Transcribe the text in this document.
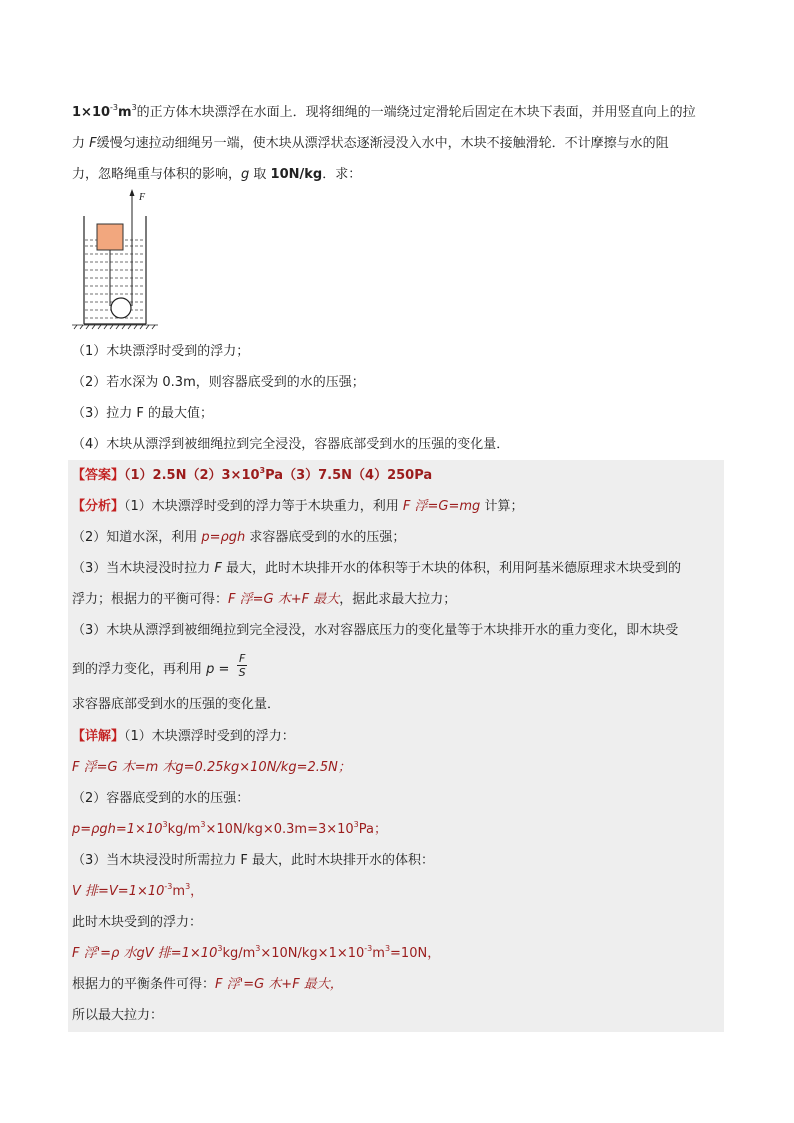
$1\times 10^{-3}m^3$的正方体木块漂浮在水面上．现将细绳的一端绕过定滑轮后固定在木块下表面，并用竖直向上的拉
力 F缓慢匀速拉动细绳另一端，使木块从漂浮状态逐渐浸没入水中，木块不接触滑轮．不计摩擦与水的阻
力，忽略绳重与体积的影响，g 取 10N/kg．求：
F
（1）木块漂浮时受到的浮力；
（2）若水深为 0.3m，则容器底受到的水的压强；
（3）拉力 F 的最大值；
（4）木块从漂浮到被细绳拉到完全浸没，容器底部受到水的压强的变化量．
【答案】$(1)2.5N(2)3\times 10^3Pa(3)7.5N(4)250Pa$
【分析】（1）木块漂浮时受到的浮力等于木块重力，利用 F 浮=G=mg 计算；
（2）知道水深，利用 p=ρgh 求容器底受到的水的压强；
（3）当木块浸没时拉力 F 最大，此时木块排开水的体积等于木块的体积，利用阿基米德原理求木块受到的
浮力；根据力的平衡可得：F 浮=G 木+F 最大，据此求最大拉力；
（3）木块从漂浮到被细绳拉到完全浸没，水对容器底压力的变化量等于木块排开水的重力变化，即木块受
到的浮力变化，再利用 $p = \frac{F}{S}$
求容器底部受到水的压强的变化量．
【详解】（1）木块漂浮时受到的浮力：
F 浮=G 木=m 木g=0.25kg×10N/kg=2.5N；
（2）容器底受到的水的压强：
$p=\rho gh=1\times 10^3kg/m^3\times 10N/kg\times 0.3m=3\times 10^3Pa$；
（3）当木块浸没时所需拉力 F 最大，此时木块排开水的体积：
V 排$=V=1\times 10^{-3}m^3$，
此时木块受到的浮力：
F 浮'=ρ 水gV 排$=1\times 10^3kg/m^3\times 10N/kg\times 1\times 10^{-3}m^3=10N$，
根据力的平衡条件可得：F 浮'=G 木+F 最大，
所以最大拉力：
